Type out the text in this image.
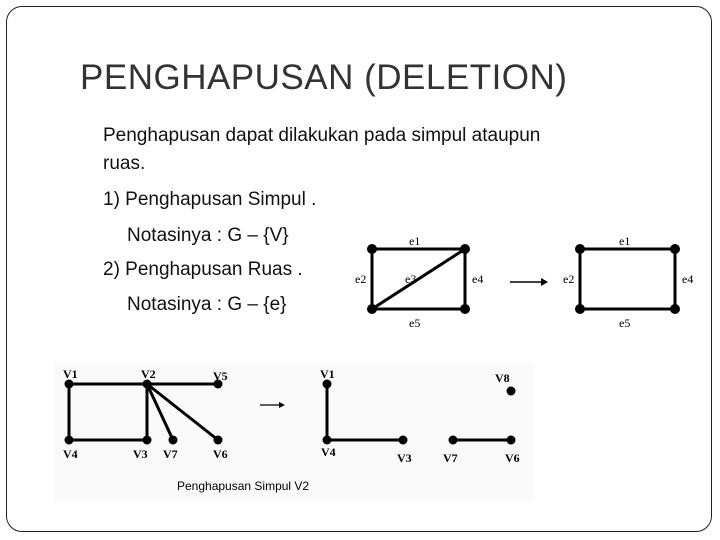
PENGHAPUSAN (DELETION)
Penghapusan dapat dilakukan pada simpul ataupun
ruas.
1) Penghapusan Simpul .
Notasinya : G – {V}
2) Penghapusan Ruas .
Notasinya : G – {e}
e1
e2	e3	e4
e5
e1
e2	e4
e5
V1	V2	V5
V4	V3 V7	V6
V1	V8
V4	V3	V7	V6
Penghapusan Simpul V2
